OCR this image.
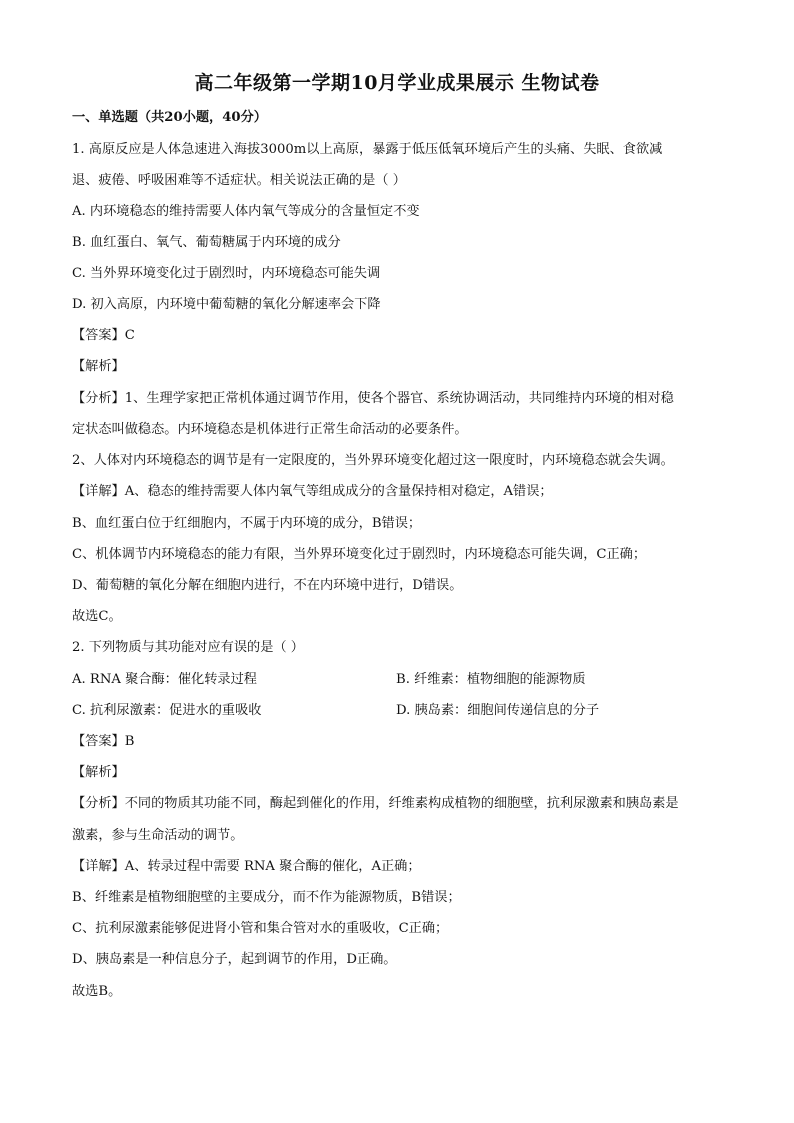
高二年级第一学期10月学业成果展示 生物试卷
一、单选题（共20小题，40分）
1. 高原反应是人体急速进入海拔3000m以上高原，暴露于低压低氧环境后产生的头痛、失眠、食欲减
退、疲倦、呼吸困难等不适症状。相关说法正确的是（ ）
A. 内环境稳态的维持需要人体内氧气等成分的含量恒定不变
B. 血红蛋白、氧气、葡萄糖属于内环境的成分
C. 当外界环境变化过于剧烈时，内环境稳态可能失调
D. 初入高原，内环境中葡萄糖的氧化分解速率会下降
【答案】C
【解析】
【分析】1、生理学家把正常机体通过调节作用，使各个器官、系统协调活动，共同维持内环境的相对稳
定状态叫做稳态。内环境稳态是机体进行正常生命活动的必要条件。
2、人体对内环境稳态的调节是有一定限度的，当外界环境变化超过这一限度时，内环境稳态就会失调。
【详解】A、稳态的维持需要人体内氧气等组成成分的含量保持相对稳定，A错误；
B、血红蛋白位于红细胞内，不属于内环境的成分，B错误；
C、机体调节内环境稳态的能力有限，当外界环境变化过于剧烈时，内环境稳态可能失调，C正确；
D、葡萄糖的氧化分解在细胞内进行，不在内环境中进行，D错误。
故选C。
2. 下列物质与其功能对应有误的是（ ）
A. RNA 聚合酶：催化转录过程	B. 纤维素：植物细胞的能源物质
C. 抗利尿激素：促进水的重吸收	D. 胰岛素：细胞间传递信息的分子
【答案】B
【解析】
【分析】不同的物质其功能不同，酶起到催化的作用，纤维素构成植物的细胞壁，抗利尿激素和胰岛素是
激素，参与生命活动的调节。
【详解】A、转录过程中需要 RNA 聚合酶的催化，A正确；
B、纤维素是植物细胞壁的主要成分，而不作为能源物质，B错误；
C、抗利尿激素能够促进肾小管和集合管对水的重吸收，C正确；
D、胰岛素是一种信息分子，起到调节的作用，D正确。
故选B。
